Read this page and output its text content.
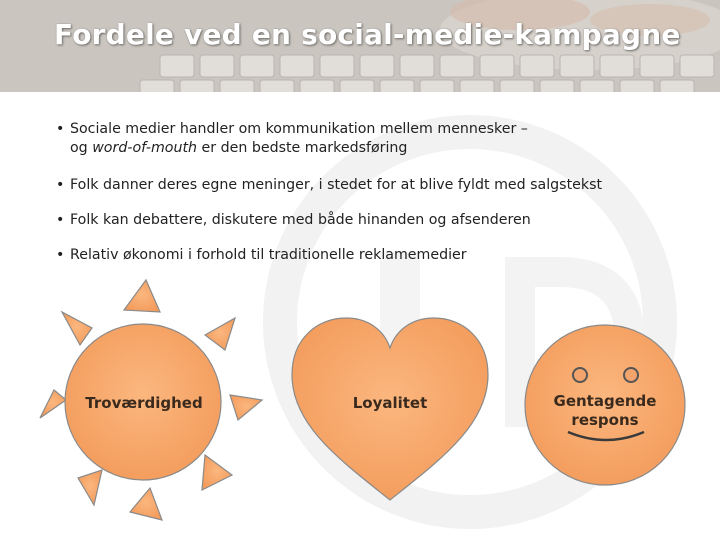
Fordele ved en social-medie-kampagne
• Sociale medier handler om kommunikation mellem mennesker –
og word-of-mouth er den bedste markedsføring
• Folk danner deres egne meninger, i stedet for at blive fyldt med salgstekst
• Folk kan debattere, diskutere med både hinanden og afsenderen
• Relativ økonomi i forhold til traditionelle reklamemedier
Troværdighed	Loyalitet	Gentagende
respons
identitet & design
